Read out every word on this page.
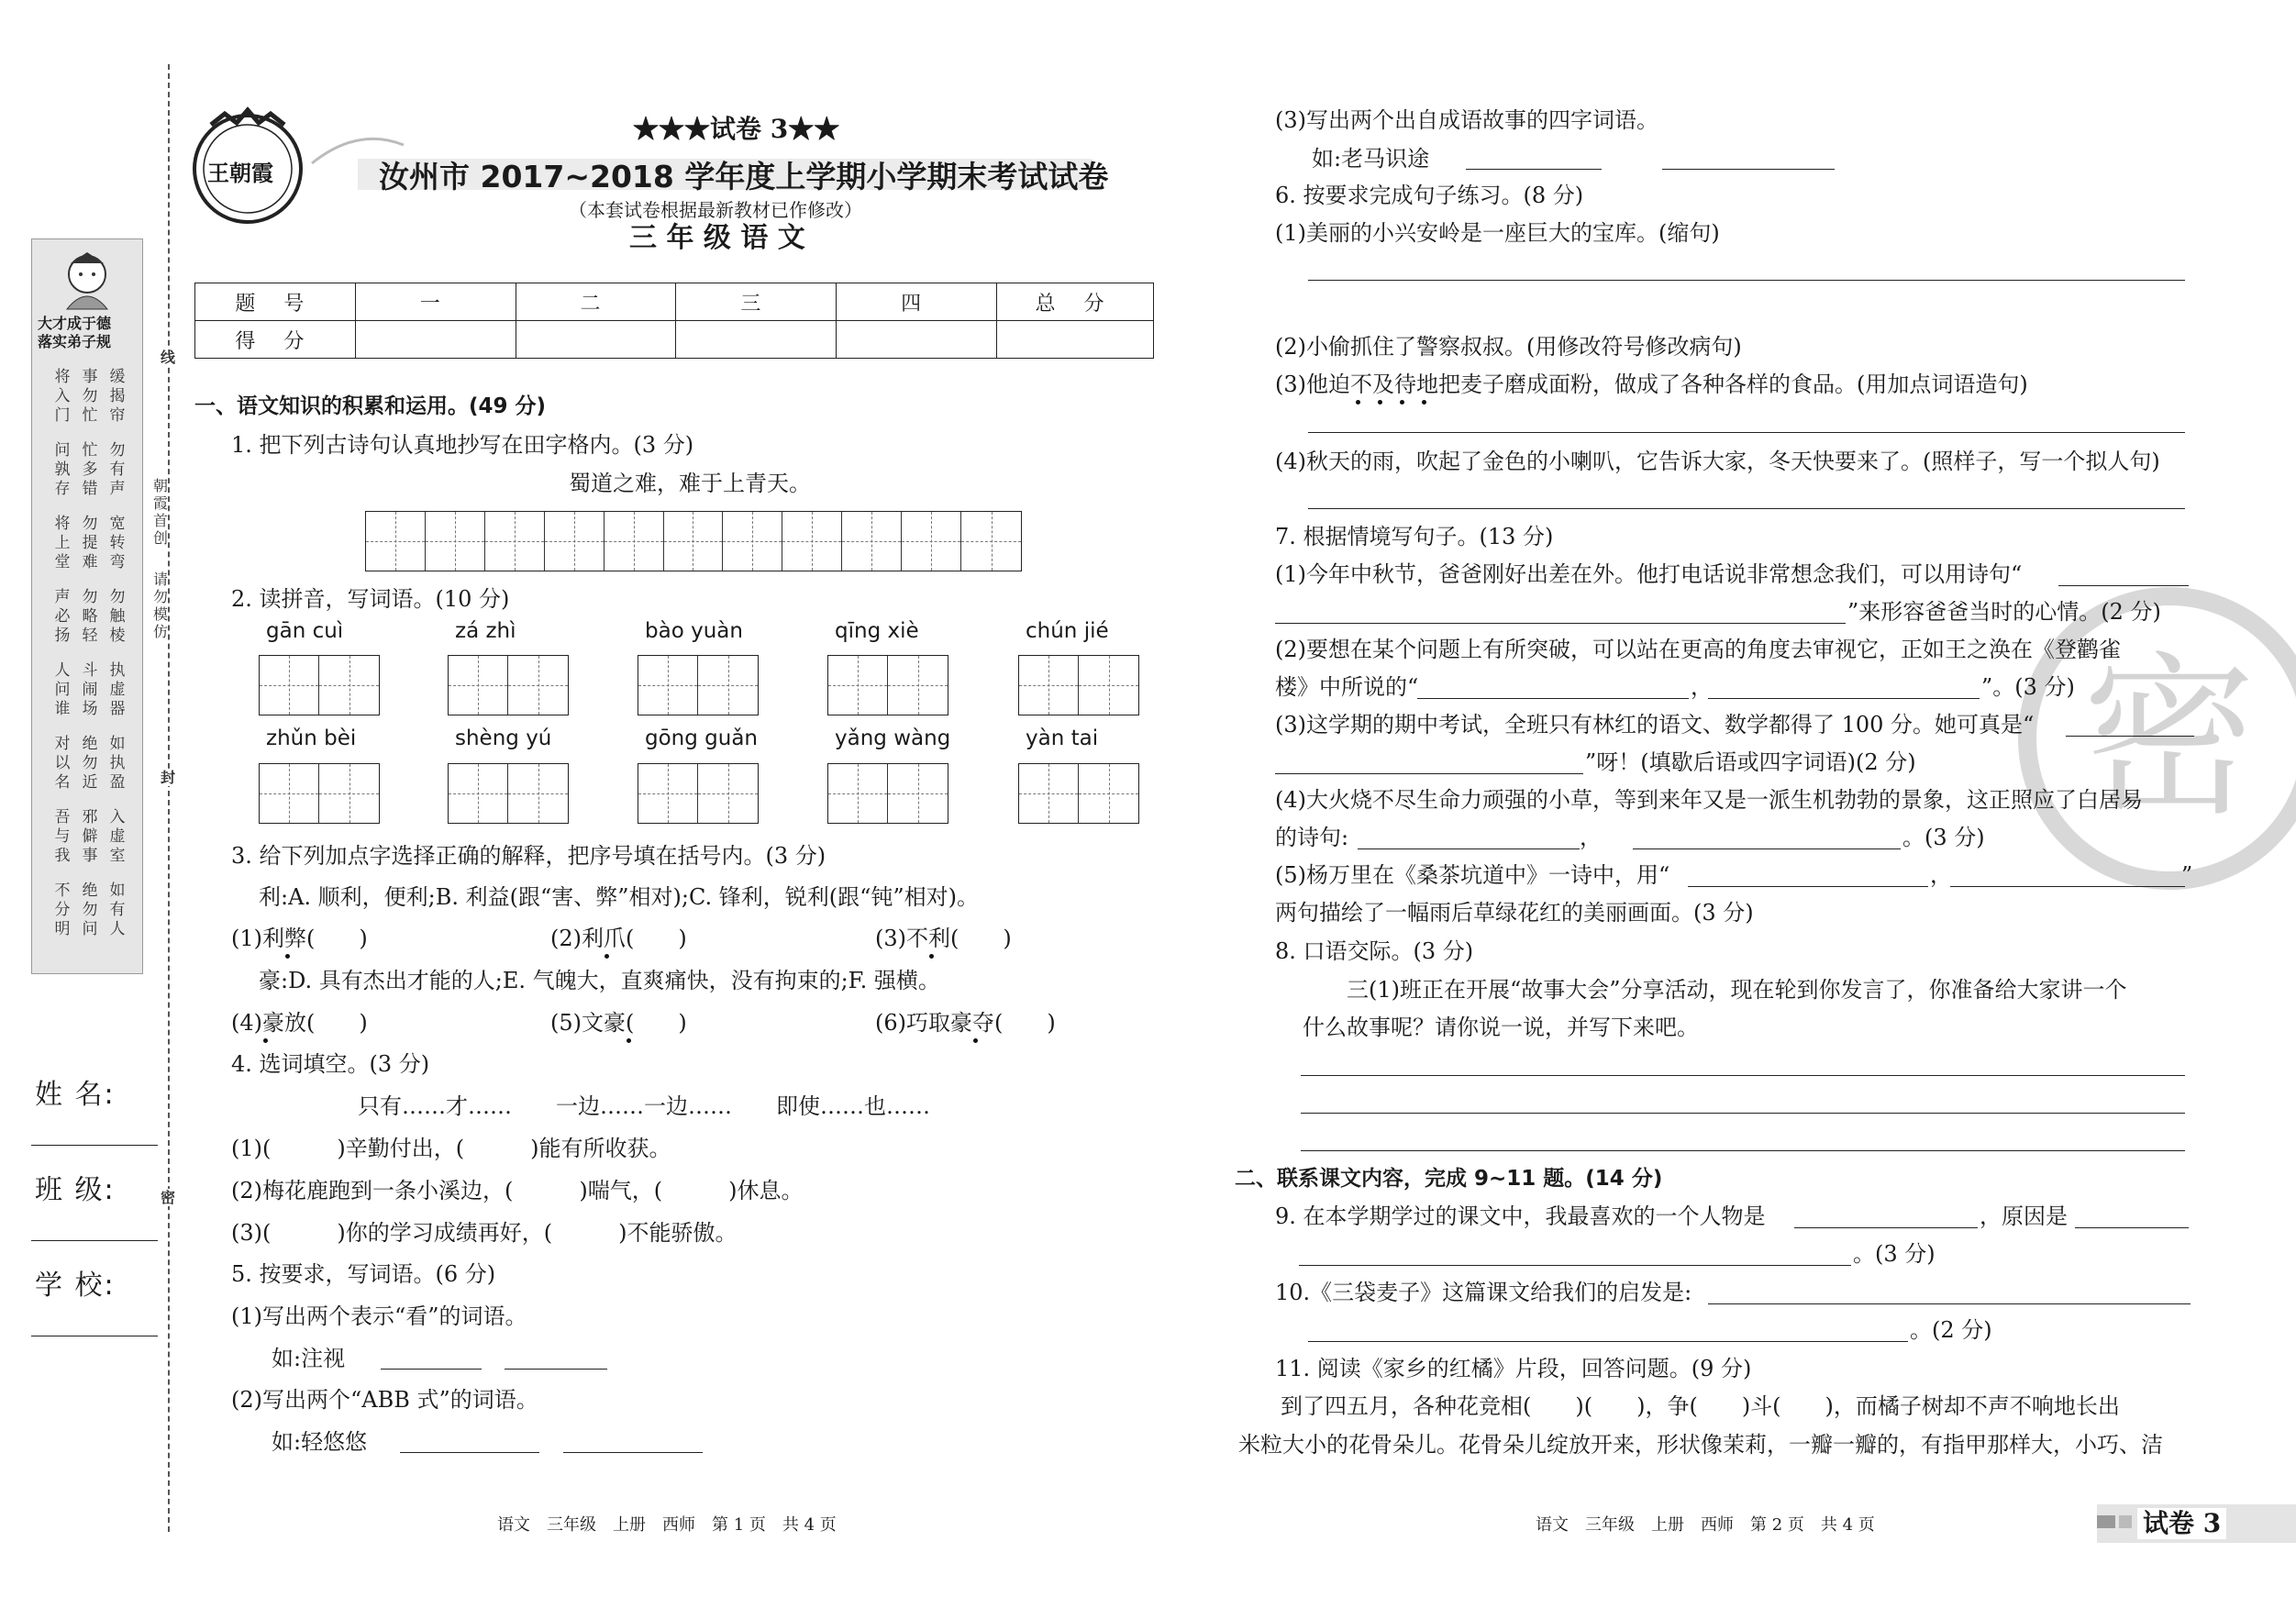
线
封
密
朝霞首创
请勿模仿
大才成于德
落实弟子规
将入门
事勿忙
缓揭帘
问孰存
忙多错
勿有声
将上堂
勿提难
宽转弯
声必扬
勿略轻
勿触棱
人问谁
斗闹场
执虚器
对以名
绝勿近
如执盈
吾与我
邪僻事
入虚室
不分明
绝勿问
如有人
姓 名:
班 级:
学 校:
王朝霞
★★★试卷 3★★
汝州市 2017~2018 学年度上学期小学期末考试试卷
（本套试卷根据最新教材已作修改）
三 年 级 语 文
题 号	一	二	三	四	总 分
得 分					
一、语文知识的积累和运用。(49 分)
1. 把下列古诗句认真地抄写在田字格内。(3 分)
蜀道之难，难于上青天。
2. 读拼音，写词语。(10 分)
gān cuì	zá zhì	bào yuàn	qīng xiè	chún jié
zhǔn bèi	shèng yú	gōng guǎn	yǎng wàng	yàn tai
3. 给下列加点字选择正确的解释，把序号填在括号内。(3 分)
利:A. 顺利，便利;B. 利益(跟“害、弊”相对);C. 锋利，锐利(跟“钝”相对)。
(1)利弊(　　)	(2)利爪(　　)	(3)不利(　　)
豪:D. 具有杰出才能的人;E. 气魄大，直爽痛快，没有拘束的;F. 强横。
(4)豪放(　　)	(5)文豪(　　)	(6)巧取豪夺(　　)
4. 选词填空。(3 分)
只有……才……　　一边……一边……　　即使……也……
(1)(　　　)辛勤付出，(　　　)能有所收获。
(2)梅花鹿跑到一条小溪边，(　　　)喘气，(　　　)休息。
(3)(　　　)你的学习成绩再好，(　　　)不能骄傲。
5. 按要求，写词语。(6 分)
(1)写出两个表示“看”的词语。
如:注视
(2)写出两个“ABB 式”的词语。
如:轻悠悠
语文　三年级　上册　西师　第 1 页　共 4 页
密
(3)写出两个出自成语故事的四字词语。
如:老马识途
6. 按要求完成句子练习。(8 分)
(1)美丽的小兴安岭是一座巨大的宝库。(缩句)
(2)小偷抓住了警察叔叔。(用修改符号修改病句)
(3)他迫不及待地把麦子磨成面粉，做成了各种各样的食品。(用加点词语造句)
(4)秋天的雨，吹起了金色的小喇叭，它告诉大家，冬天快要来了。(照样子，写一个拟人句)
7. 根据情境写句子。(13 分)
(1)今年中秋节，爸爸刚好出差在外。他打电话说非常想念我们，可以用诗句“
”来形容爸爸当时的心情。(2 分)
(2)要想在某个问题上有所突破，可以站在更高的角度去审视它，正如王之涣在《登鹳雀
楼》中所说的“	，	”。(3 分)
(3)这学期的期中考试，全班只有林红的语文、数学都得了 100 分。她可真是“
”呀！(填歇后语或四字词语)(2 分)
(4)大火烧不尽生命力顽强的小草，等到来年又是一派生机勃勃的景象，这正照应了白居易
的诗句:	，	。(3 分)
(5)杨万里在《桑茶坑道中》一诗中，用“	，	”
两句描绘了一幅雨后草绿花红的美丽画面。(3 分)
8. 口语交际。(3 分)
三(1)班正在开展“故事大会”分享活动，现在轮到你发言了，你准备给大家讲一个
什么故事呢？请你说一说，并写下来吧。
二、联系课文内容，完成 9~11 题。(14 分)
9. 在本学期学过的课文中，我最喜欢的一个人物是	，原因是
。(3 分)
10.《三袋麦子》这篇课文给我们的启发是:
。(2 分)
11. 阅读《家乡的红橘》片段，回答问题。(9 分)
到了四五月，各种花竞相(　　)(　　)，争(　　)斗(　　)，而橘子树却不声不响地长出
米粒大小的花骨朵儿。花骨朵儿绽放开来，形状像茉莉，一瓣一瓣的，有指甲那样大，小巧、洁
语文　三年级　上册　西师　第 2 页　共 4 页	试卷 3
